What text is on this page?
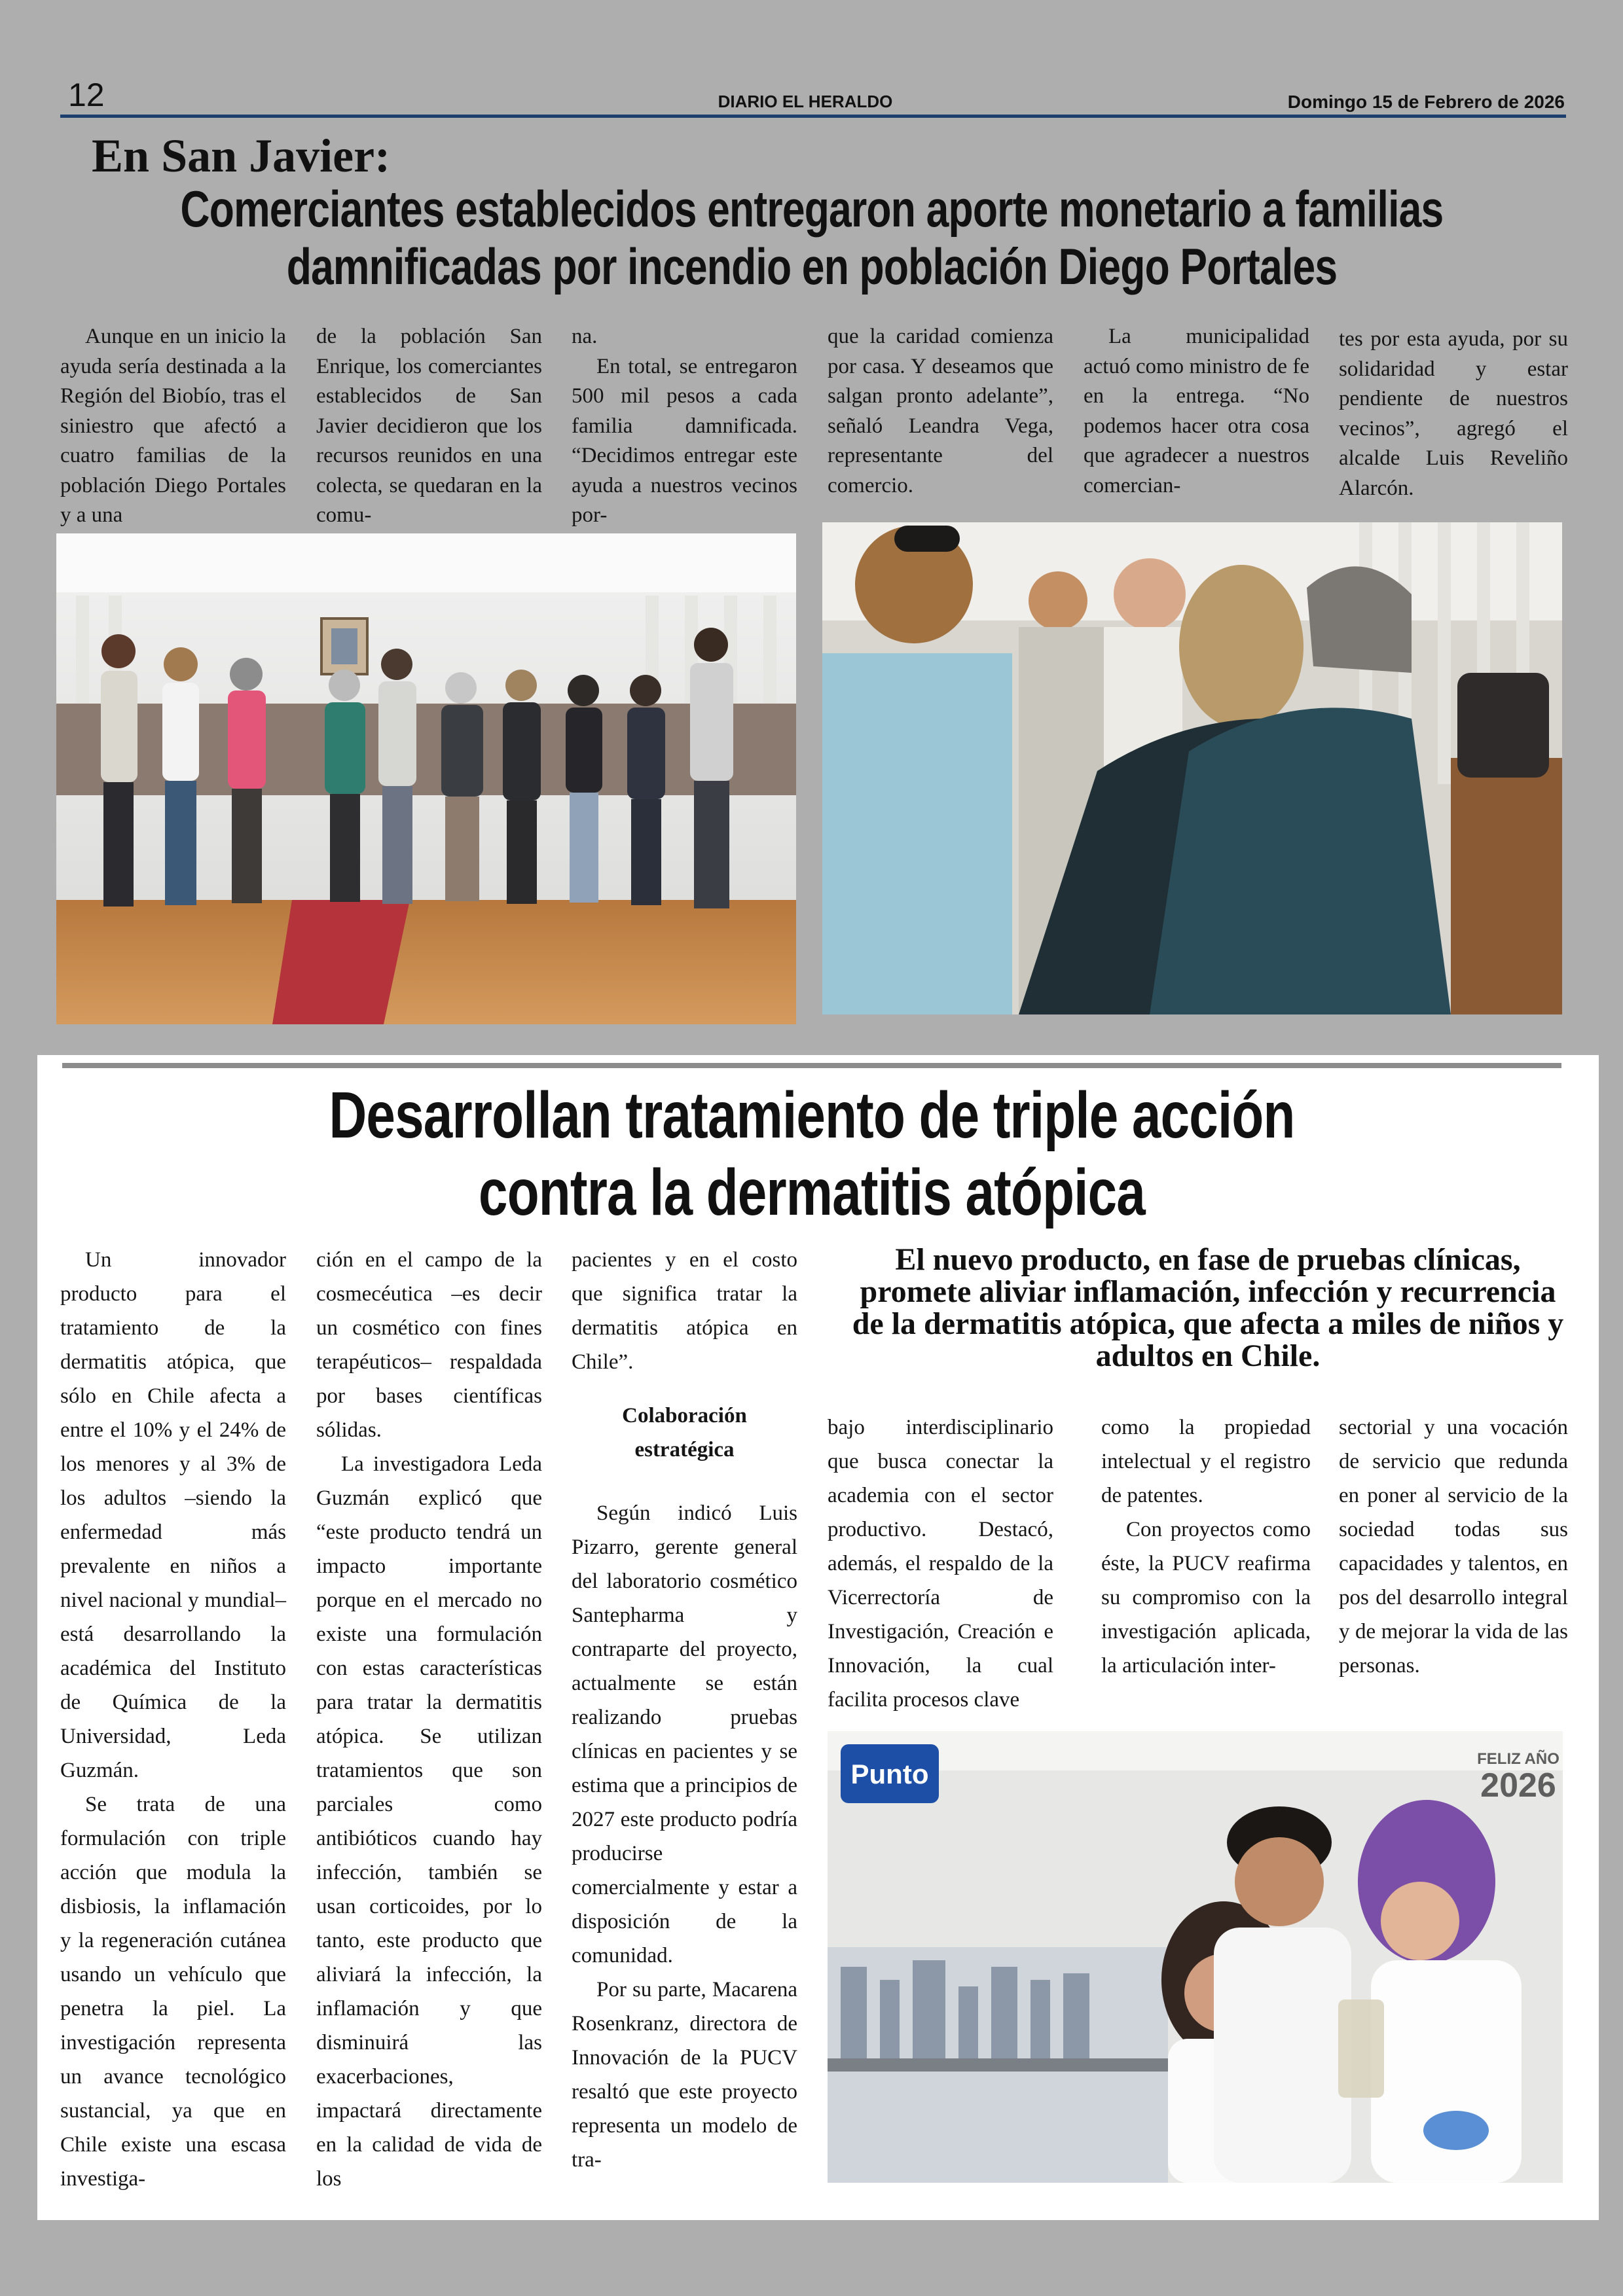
12	DIARIO EL HERALDO	Domingo 15 de Febrero de 2026
En San Javier:
Comerciantes establecidos entregaron aporte monetario a familias
damnificadas por incendio en población Diego Portales

Aunque en un inicio la ayuda sería destinada a la Región del Biobío, tras el siniestro que afectó a cuatro familias de la población Diego Portales y a una

de la población San Enrique, los comerciantes establecidos de San Javier decidieron que los recursos reunidos en una colecta, se quedaran en la comu-

na.

En total, se entregaron 500 mil pesos a cada familia damnificada. “Decidimos entregar este ayuda a nuestros vecinos por-

que la caridad comienza por casa. Y deseamos que salgan pronto adelante”, señaló Leandra Vega, representante del comercio.

La municipalidad actuó como ministro de fe en la entrega. “No podemos hacer otra cosa que agradecer a nuestros comercian-

tes por esta ayuda, por su solidaridad y estar pendiente de nuestros vecinos”, agregó el alcalde Luis Reveliño Alarcón.

Desarrollan tratamiento de triple acción
contra la dermatitis atópica
El nuevo producto, en fase de pruebas clínicas, promete aliviar inflamación, infección y recurrencia de la dermatitis atópica, que afecta a miles de niños y adultos en Chile.

Un innovador producto para el tratamiento de la dermatitis atópica, que sólo en Chile afecta a entre el 10% y el 24% de los menores y al 3% de los adultos –siendo la enfermedad más prevalente en niños a nivel nacional y mundial– está desarrollando la académica del Instituto de Química de la Universidad, Leda Guzmán.

Se trata de una formulación con triple acción que modula la disbiosis, la inflamación y la regeneración cutánea usando un vehículo que penetra la piel. La investigación representa un avance tecnológico sustancial, ya que en Chile existe una escasa investiga-

ción en el campo de la cosmecéutica –es decir un cosmético con fines terapéuticos– respaldada por bases científicas sólidas.

La investigadora Leda Guzmán explicó que “este producto tendrá un impacto importante porque en el mercado no existe una formulación con estas características para tratar la dermatitis atópica. Se utilizan tratamientos que son parciales como antibióticos cuando hay infección, también se usan corticoides, por lo tanto, este producto que aliviará la infección, la inflamación y que disminuirá las exacerbaciones, impactará directamente en la calidad de vida de los

pacientes y en el costo que significa tratar la dermatitis atópica en Chile”.

Colaboración

estratégica

Según indicó Luis Pizarro, gerente general del laboratorio cosmético Santepharma y contraparte del proyecto, actualmente se están realizando pruebas clínicas en pacientes y se estima que a principios de 2027 este producto podría producirse comercialmente y estar a disposición de la comunidad.

Por su parte, Macarena Rosenkranz, directora de Innovación de la PUCV resaltó que este proyecto representa un modelo de tra-

bajo interdisciplinario que busca conectar la academia con el sector productivo. Destacó, además, el respaldo de la Vicerrectoría de Investigación, Creación e Innovación, la cual facilita procesos clave

como la propiedad intelectual y el registro de patentes.

Con proyectos como éste, la PUCV reafirma su compromiso con la investigación aplicada, la articulación inter-

sectorial y una vocación de servicio que redunda en poner al servicio de la sociedad todas sus capacidades y talentos, en pos del desarrollo integral y de mejorar la vida de las personas.

Punto	FELIZ AÑO
2026
